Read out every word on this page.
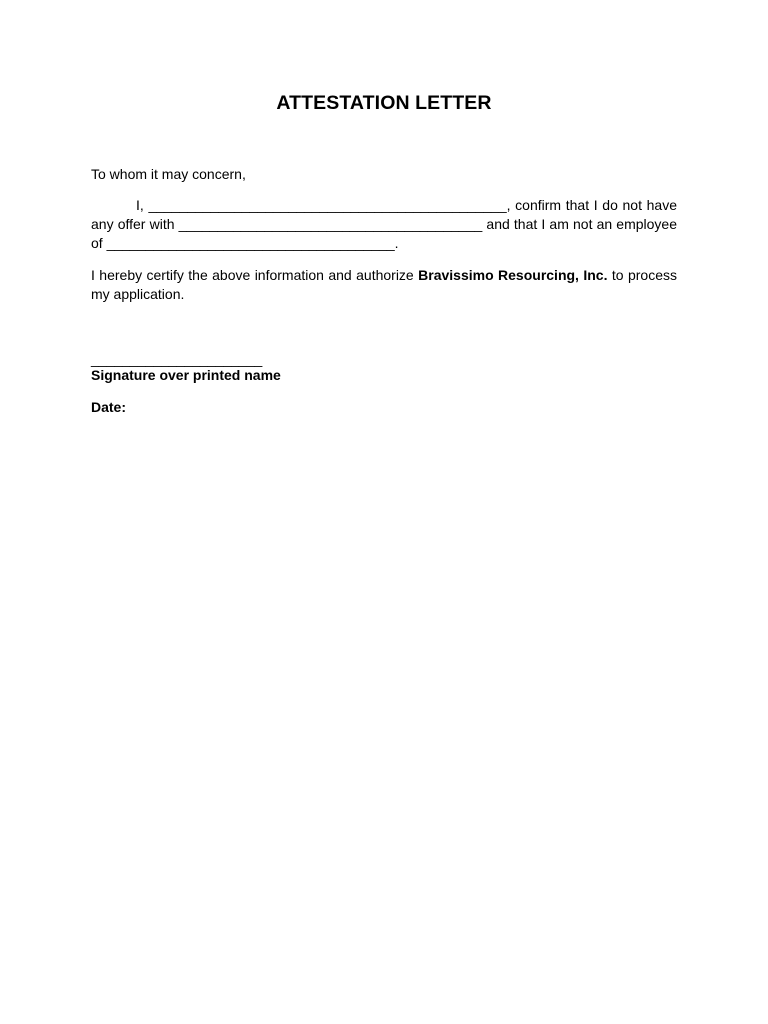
ATTESTATION LETTER
To whom it may concern,
I, ______________________________________________, confirm that I do not have any offer with _______________________________________ and that I am not an employee of _____________________________________.
I hereby certify the above information and authorize Bravissimo Resourcing, Inc. to process my application.
______________________
Signature over printed name
Date:
